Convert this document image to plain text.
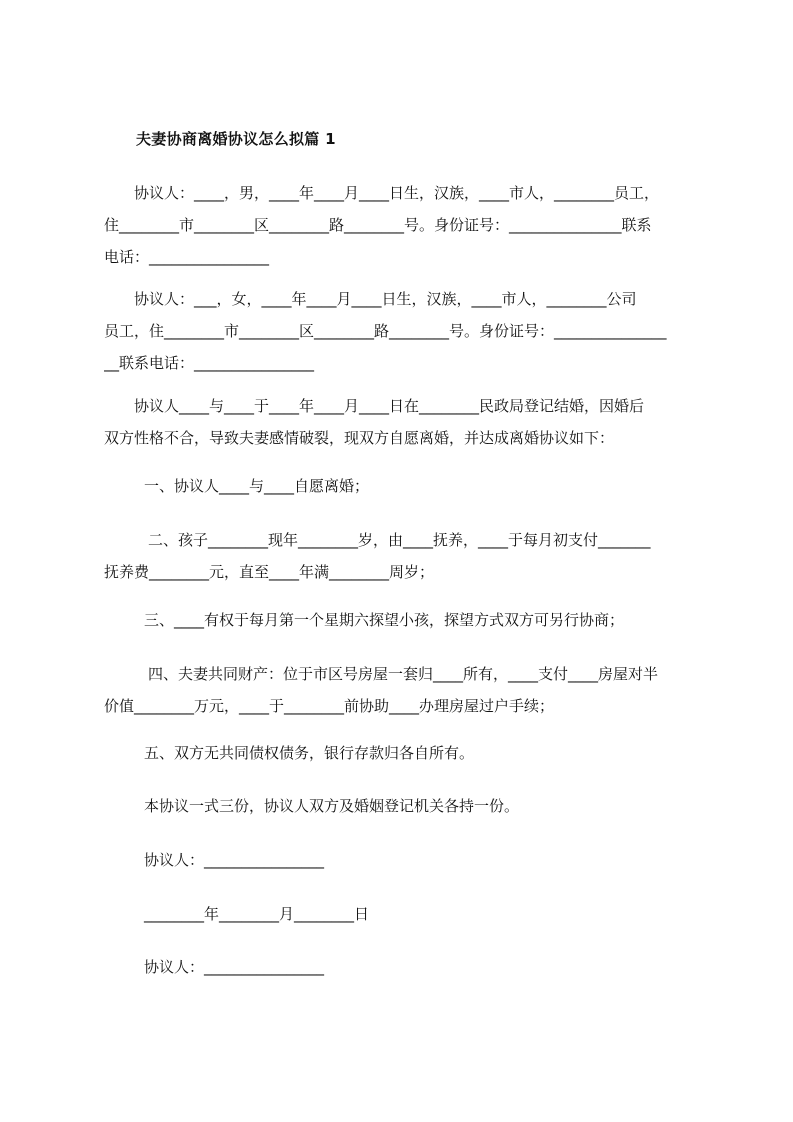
夫妻协商离婚协议怎么拟篇 1
　　协议人：____，男，____年____月____日生，汉族，____市人，________员工，
住________市________区________路________号。身份证号：_______________联系
电话：________________
　　协议人：___，女，____年____月____日生，汉族，____市人，________公司
员工，住________市________区________路________号。身份证号：_______________
__联系电话：________________
　　协议人____与____于____年____月____日在________民政局登记结婚，因婚后
双方性格不合，导致夫妻感情破裂，现双方自愿离婚，并达成离婚协议如下：
一、协议人____与____自愿离婚；
二、孩子________现年________岁，由____抚养，____于每月初支付_______
抚养费________元，直至____年满________周岁；
三、____有权于每月第一个星期六探望小孩，探望方式双方可另行协商；
四、夫妻共同财产：位于市区号房屋一套归____所有，____支付____房屋对半
价值________万元，____于________前协助____办理房屋过户手续；
五、双方无共同债权债务，银行存款归各自所有。
本协议一式三份，协议人双方及婚姻登记机关各持一份。
协议人：________________
________年________月________日
协议人：________________
